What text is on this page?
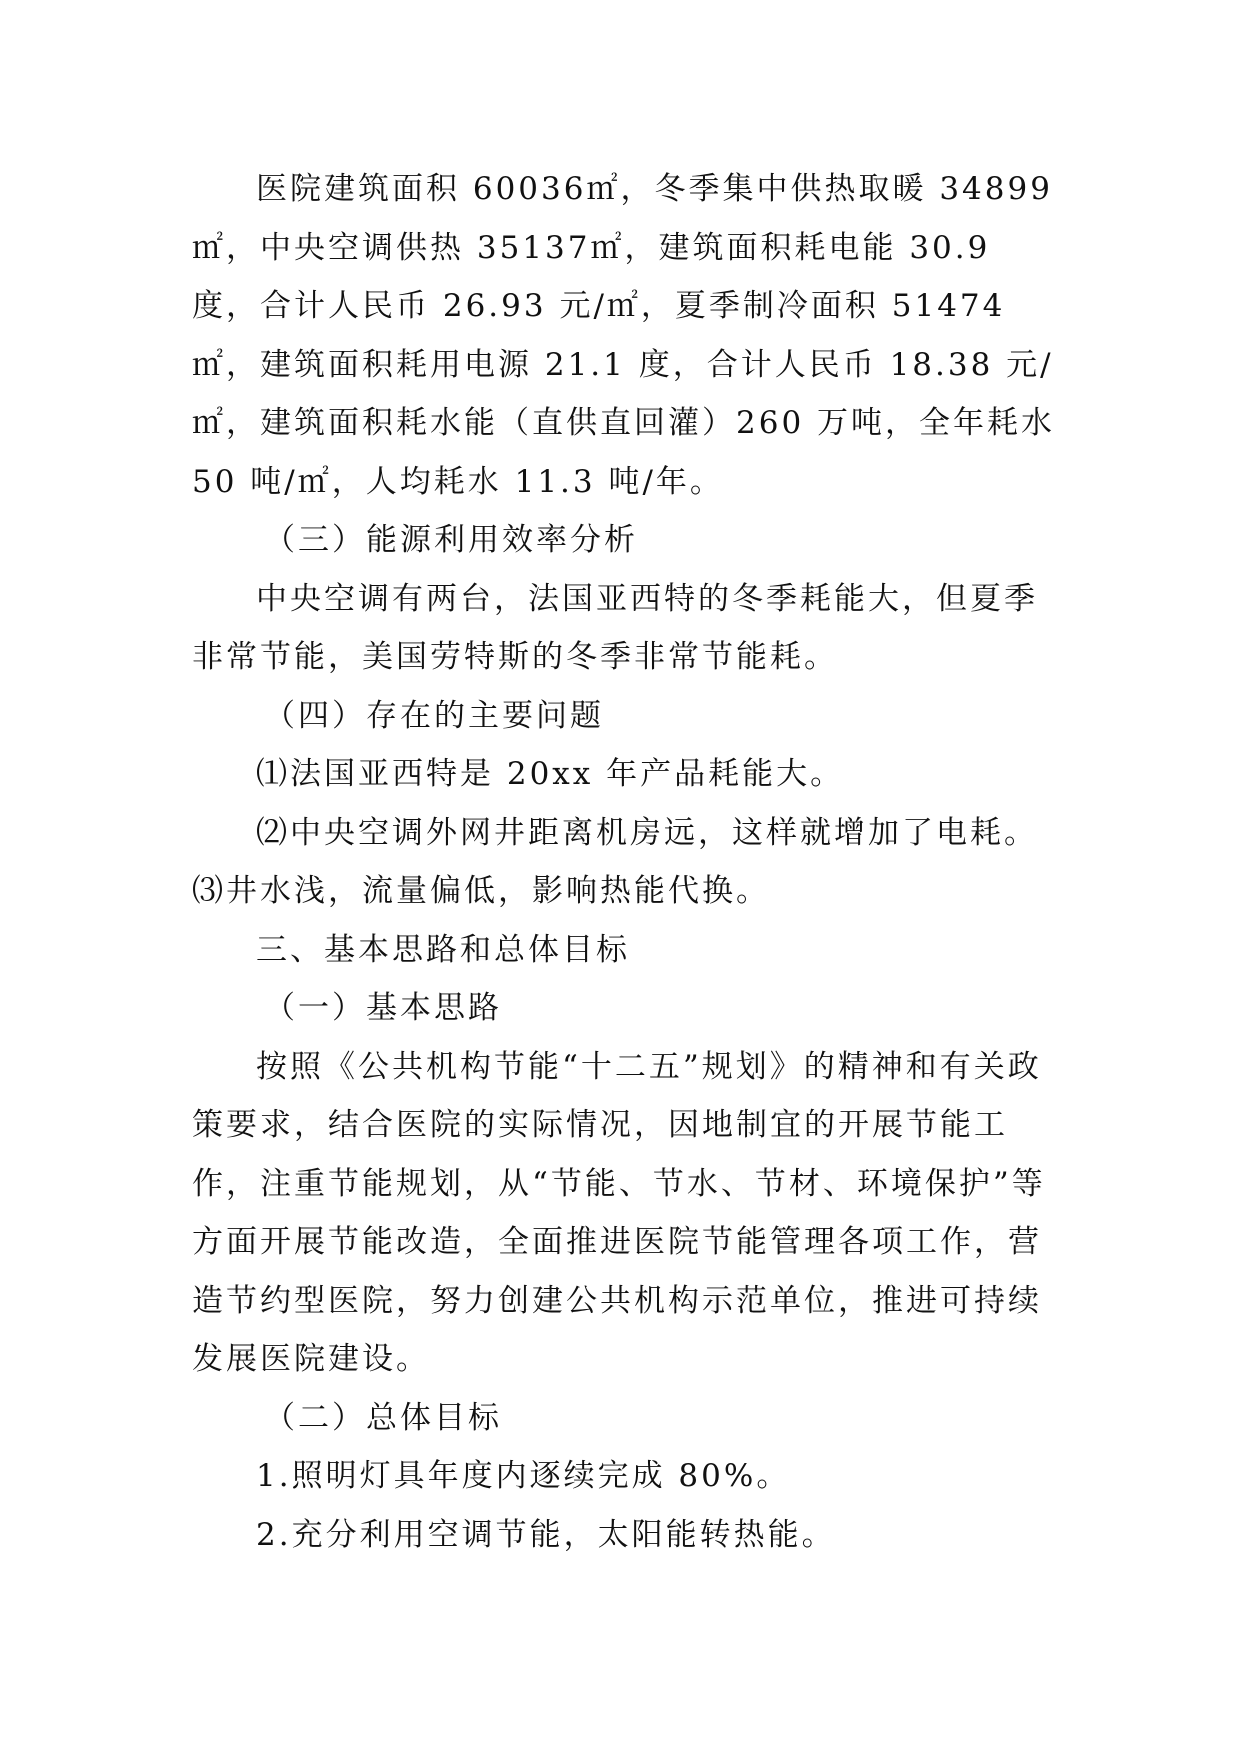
医院建筑面积 60036㎡，冬季集中供热取暖 34899㎡，中央空调供热 35137㎡，建筑面积耗电能 30.9 度，合计人民币 26.93 元/㎡，夏季制冷面积 51474㎡，建筑面积耗用电源 21.1 度，合计人民币 18.38 元/㎡，建筑面积耗水能（直供直回灌）260 万吨，全年耗水 50 吨/㎡，人均耗水 11.3 吨/年。

（三）能源利用效率分析

中央空调有两台，法国亚西特的冬季耗能大，但夏季非常节能，美国劳特斯的冬季非常节能耗。

（四）存在的主要问题

⑴法国亚西特是 20xx 年产品耗能大。

⑵中央空调外网井距离机房远，这样就增加了电耗。⑶井水浅，流量偏低，影响热能代换。

三、基本思路和总体目标

（一）基本思路

按照《公共机构节能“十二五”规划》的精神和有关政策要求，结合医院的实际情况，因地制宜的开展节能工作，注重节能规划，从“节能、节水、节材、环境保护”等方面开展节能改造，全面推进医院节能管理各项工作，营造节约型医院，努力创建公共机构示范单位，推进可持续发展医院建设。

（二）总体目标

1.照明灯具年度内逐续完成 80%。

2.充分利用空调节能，太阳能转热能。
